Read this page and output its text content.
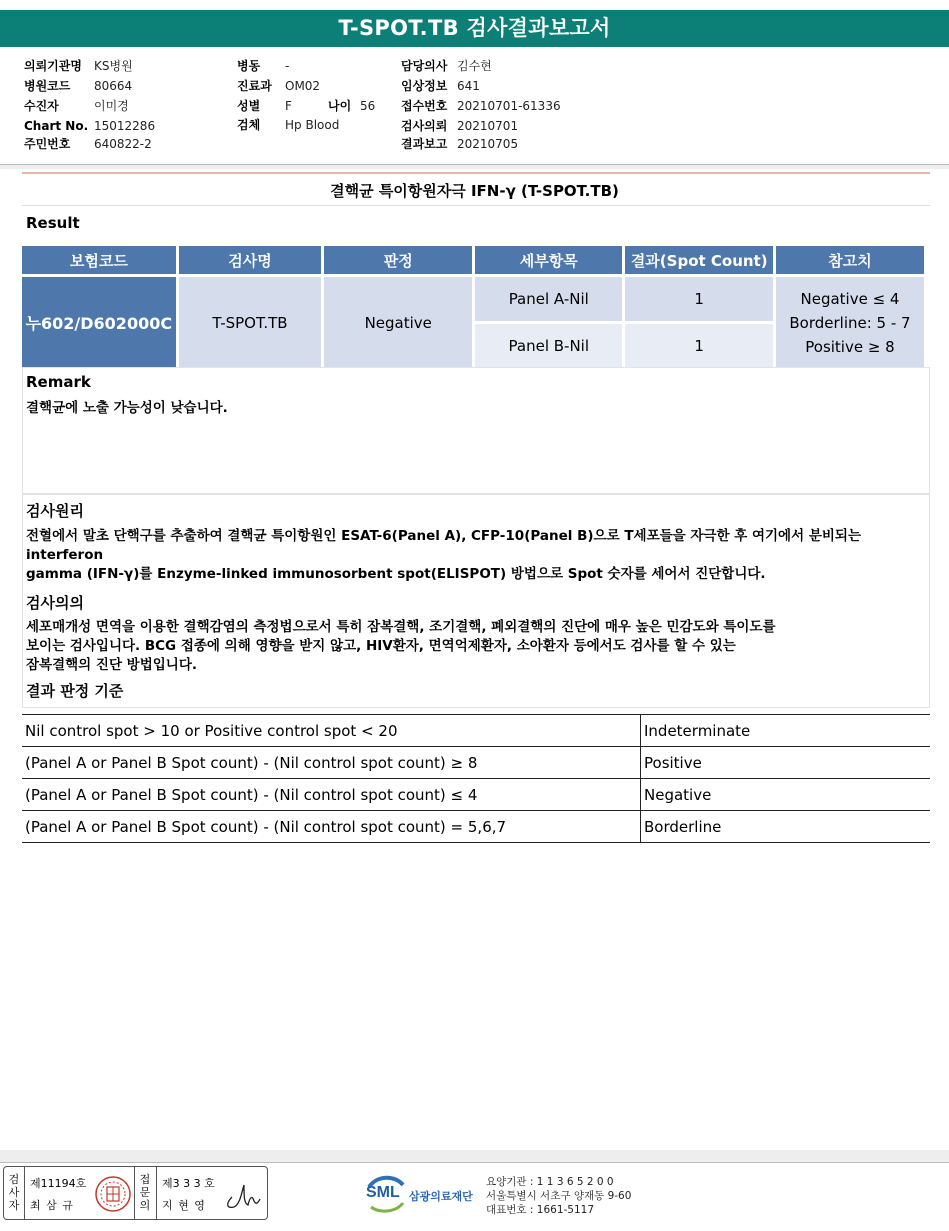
T-SPOT.TB 검사결과보고서
의뢰기관명 KS병원
병원코드 80664
수진자	이미경
Chart No. 15012286
주민번호 640822-2
병동 -
진료과 OM02
성별 F	나이 56
검체 Hp Blood
담당의사 김수현
임상정보 641
접수번호 20210701-61336
검사의뢰 20210701
결과보고 20210705
결핵균 특이항원자극 IFN-γ (T-SPOT.TB)
Result
보험코드	검사명	판정	세부항목	결과(Spot Count)	참고치
누602/D602000C	T-SPOT.TB	Negative	Panel A-Nil	1	Negative ≤ 4
Borderline: 5 - 7
Positive ≥ 8

			Panel B-Nil	1	
Remark
결핵균에 노출 가능성이 낮습니다.
검사원리
전혈에서 말초 단핵구를 추출하여 결핵균 특이항원인 ESAT-6(Panel A), CFP-10(Panel B)으로 T세포들을 자극한 후 여기에서 분비되는
interferon
gamma (IFN-γ)를 Enzyme-linked immunosorbent spot(ELISPOT) 방법으로 Spot 숫자를 세어서 진단합니다.
검사의의
세포매개성 면역을 이용한 결핵감염의 측정법으로서 특히 잠복결핵, 조기결핵, 폐외결핵의 진단에 매우 높은 민감도와 특이도를
보이는 검사입니다. BCG 접종에 의해 영향을 받지 않고, HIV환자, 면역억제환자, 소아환자 등에서도 검사를 할 수 있는
잠복결핵의 진단 방법입니다.
결과 판정 기준
Nil control spot > 10 or Positive control spot < 20	Indeterminate
(Panel A or Panel B Spot count) - (Nil control spot count) ≥ 8	Positive
(Panel A or Panel B Spot count) - (Nil control spot count) ≤ 4	Negative
(Panel A or Panel B Spot count) - (Nil control spot count) = 5,6,7	Borderline
검
사
자
제11194호
최 삼 규
접
문
의
제3 3 3 호
지 현 영
SML 삼광의료재단
요양기관 : 1 1 3 6 5 2 0 0
서울특별시 서초구 양재동 9-60
대표번호 : 1661-5117
